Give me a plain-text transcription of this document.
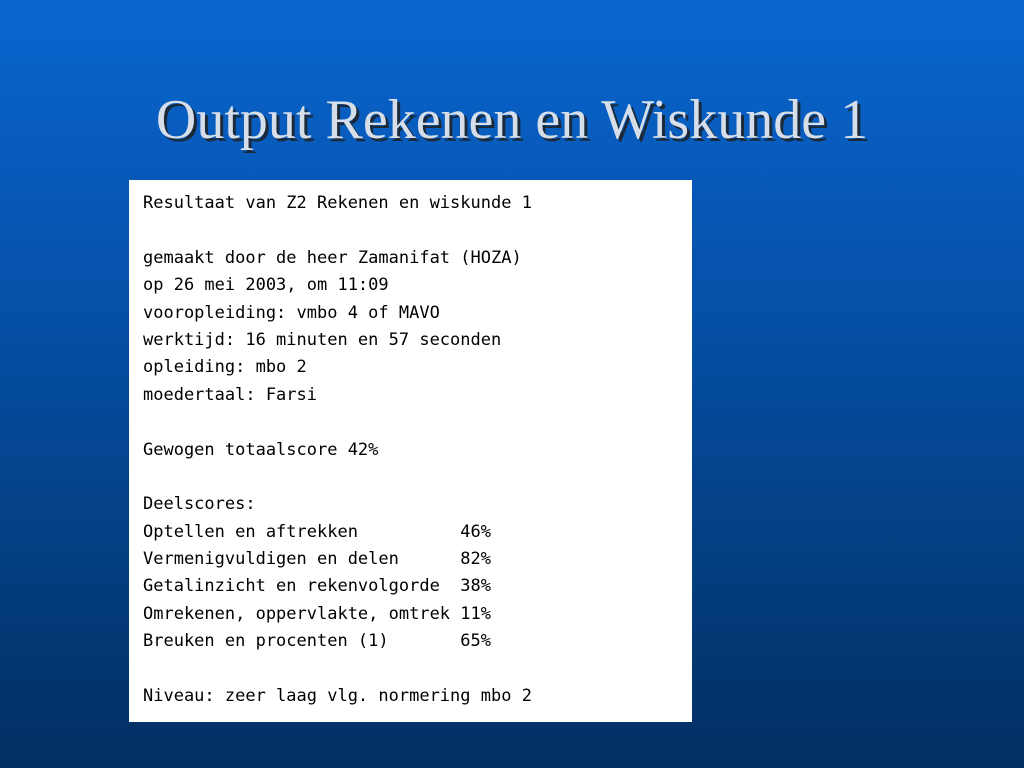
Output Rekenen en Wiskunde 1
Resultaat van Z2 Rekenen en wiskunde 1
gemaakt door de heer Zamanifat (HOZA)
op 26 mei 2003, om 11:09
vooropleiding: vmbo 4 of MAVO
werktijd: 16 minuten en 57 seconden
opleiding: mbo 2
moedertaal: Farsi
Gewogen totaalscore 42%
Deelscores:
Optellen en aftrekken          46%
Vermenigvuldigen en delen      82%
Getalinzicht en rekenvolgorde  38%
Omrekenen, oppervlakte, omtrek 11%
Breuken en procenten (1)       65%
Niveau: zeer laag vlg. normering mbo 2
